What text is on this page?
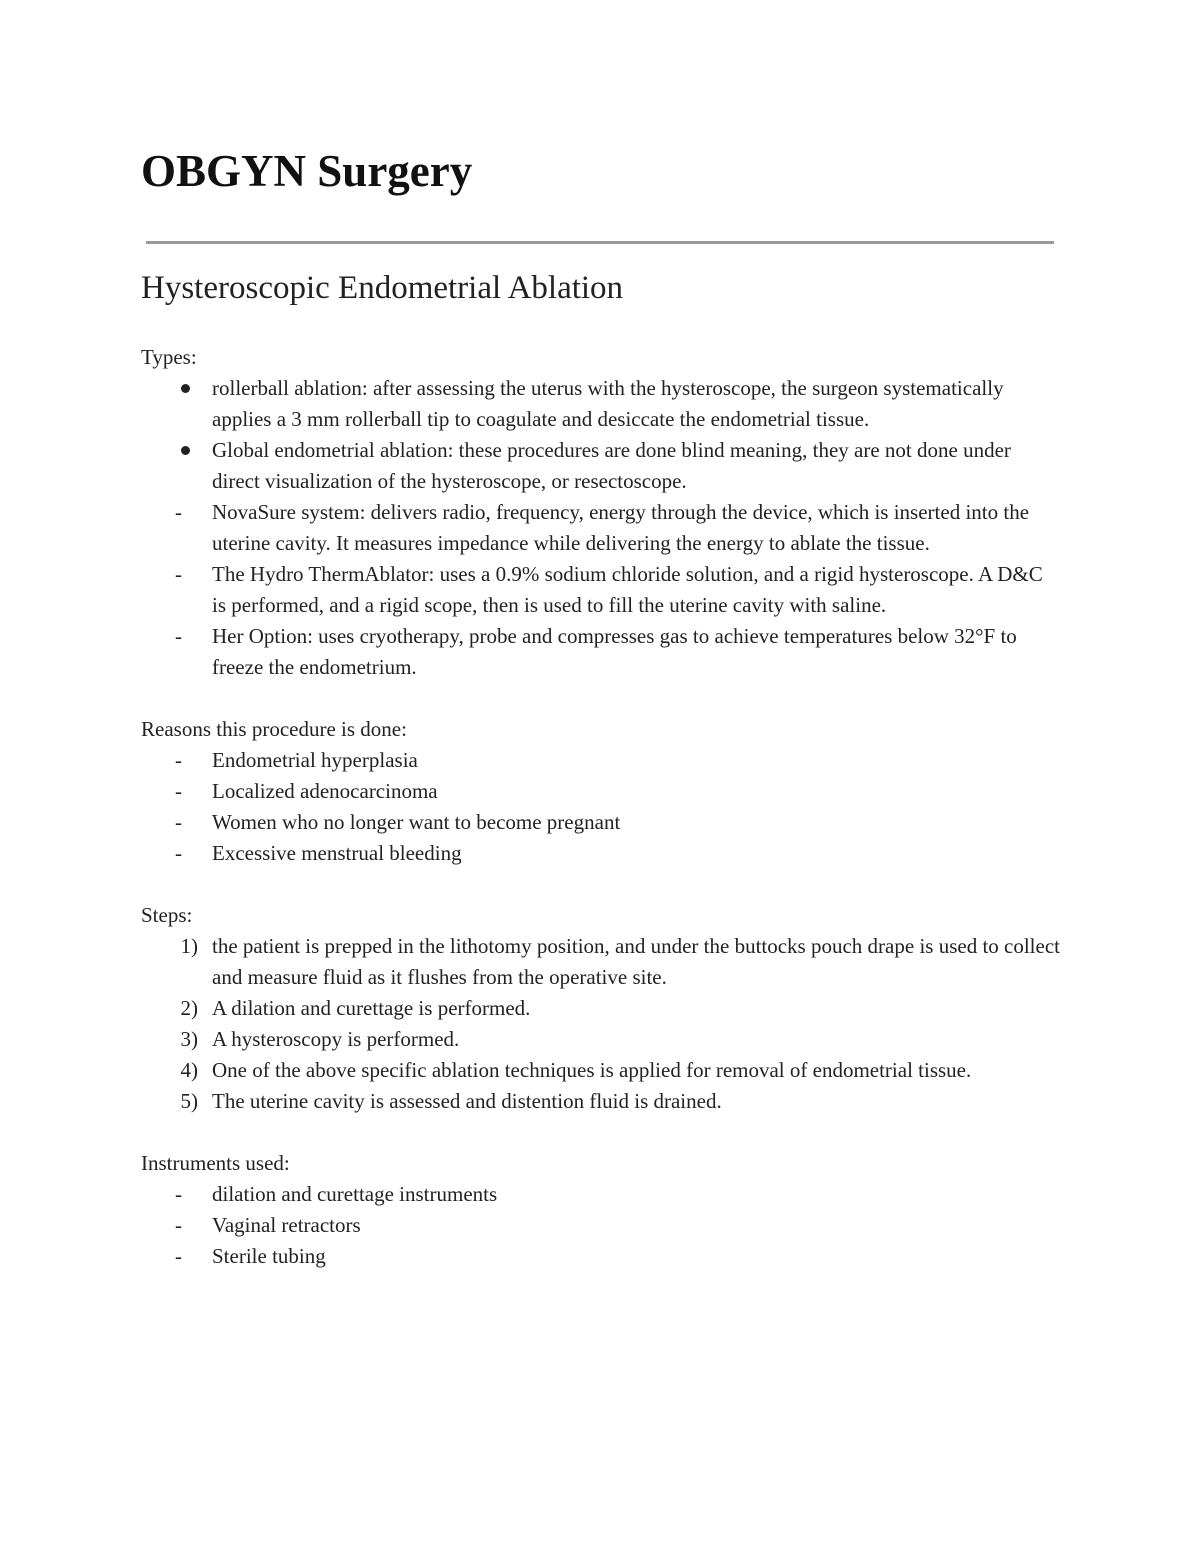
OBGYN Surgery
Hysteroscopic Endometrial Ablation

Types:

rollerball ablation: after assessing the uterus with the hysteroscope, the surgeon systematically applies a 3 mm rollerball tip to coagulate and desiccate the endometrial tissue.
Global endometrial ablation: these procedures are done blind meaning, they are not done under direct visualization of the hysteroscope, or resectoscope.
-	NovaSure system: delivers radio, frequency, energy through the device, which is inserted into the uterine cavity. It measures impedance while delivering the energy to ablate the tissue.
-	The Hydro ThermAblator: uses a 0.9% sodium chloride solution, and a rigid hysteroscope. A D&C is performed, and a rigid scope, then is used to fill the uterine cavity with saline.
-	Her Option: uses cryotherapy, probe and compresses gas to achieve temperatures below 32°F to freeze the endometrium.

Reasons this procedure is done:

-	Endometrial hyperplasia
-	Localized adenocarcinoma
-	Women who no longer want to become pregnant
-	Excessive menstrual bleeding

Steps:

1) the patient is prepped in the lithotomy position, and under the buttocks pouch drape is used to collect and measure fluid as it flushes from the operative site.
2) A dilation and curettage is performed.
3) A hysteroscopy is performed.
4) One of the above specific ablation techniques is applied for removal of endometrial tissue.
5) The uterine cavity is assessed and distention fluid is drained.

Instruments used:

-	dilation and curettage instruments
-	Vaginal retractors
-	Sterile tubing
